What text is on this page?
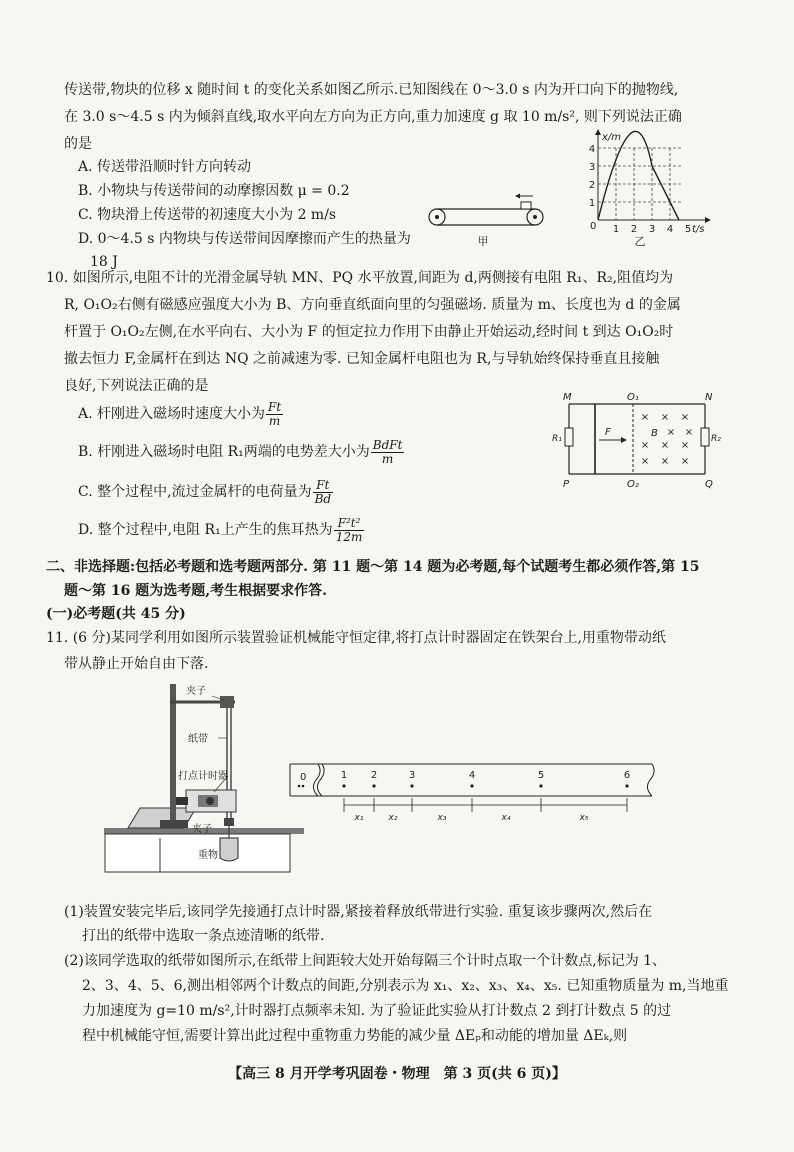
传送带,物块的位移 x 随时间 t 的变化关系如图乙所示.已知图线在 0～3.0 s 内为开口向下的抛物线,
在 3.0 s～4.5 s 内为倾斜直线,取水平向左方向为正方向,重力加速度 g 取 10 m/s², 则下列说法正确
的是
A. 传送带沿顺时针方向转动
B. 小物块与传送带间的动摩擦因数 μ = 0.2
C. 物块滑上传送带的初速度大小为 2 m/s
D. 0～4.5 s 内物块与传送带间因摩擦而产生的热量为
18 J
甲
x/m
t/s
0 1 2 3 4 5
1
2
3
4
乙
10. 如图所示,电阻不计的光滑金属导轨 MN、PQ 水平放置,间距为 d,两侧接有电阻 R₁、R₂,阻值均为
R, O₁O₂右侧有磁感应强度大小为 B、方向垂直纸面向里的匀强磁场. 质量为 m、长度也为 d 的金属
杆置于 O₁O₂左侧,在水平向右、大小为 F 的恒定拉力作用下由静止开始运动,经时间 t 到达 O₁O₂时
撤去恒力 F,金属杆在到达 NQ 之前减速为零. 已知金属杆电阻也为 R,与导轨始终保持垂直且接触
良好,下列说法正确的是
A. 杆刚进入磁场时速度大小为 $\frac{Ft}{m}$
B. 杆刚进入磁场时电阻 R₁两端的电势差大小为 $\frac{\text{BdFt}}{m}$
C. 整个过程中,流过金属杆的电荷量为 $\frac{Ft}{Bd}$
D. 整个过程中,电阻 R₁上产生的焦耳热为 $\frac{\text{F²t²}}{12m}$
M	N
P	Q
O₁
O₂
R₁	R₂
F	B
× × ×
× ×
× × ×
× × ×
二、非选择题:包括必考题和选考题两部分. 第 11 题～第 14 题为必考题,每个试题考生都必须作答,第 15
题～第 16 题为选考题,考生根据要求作答.
(一)必考题(共 45 分)
11. (6 分)某同学利用如图所示装置验证机械能守恒定律,将打点计时器固定在铁架台上,用重物带动纸
带从静止开始自由下落.
夹子
纸带
打点计时器
夹子
重物
0	1 2	3	4	5	6
x₁	x₂	x₃	x₄	x₅
(1)装置安装完毕后,该同学先接通打点计时器,紧接着释放纸带进行实验. 重复该步骤两次,然后在
打出的纸带中选取一条点迹清晰的纸带.
(2)该同学选取的纸带如图所示,在纸带上间距较大处开始每隔三个计时点取一个计数点,标记为 1、
2、3、4、5、6,测出相邻两个计数点的间距,分别表示为 x₁、x₂、x₃、x₄、x₅. 已知重物质量为 m,当地重
力加速度为 g=10 m/s²,计时器打点频率未知. 为了验证此实验从打计数点 2 到打计数点 5 的过
程中机械能守恒,需要计算出此过程中重物重力势能的减少量 ΔEₚ和动能的增加量 ΔEₖ,则
【高三 8 月开学考巩固卷・物理　第 3 页(共 6 页)】
